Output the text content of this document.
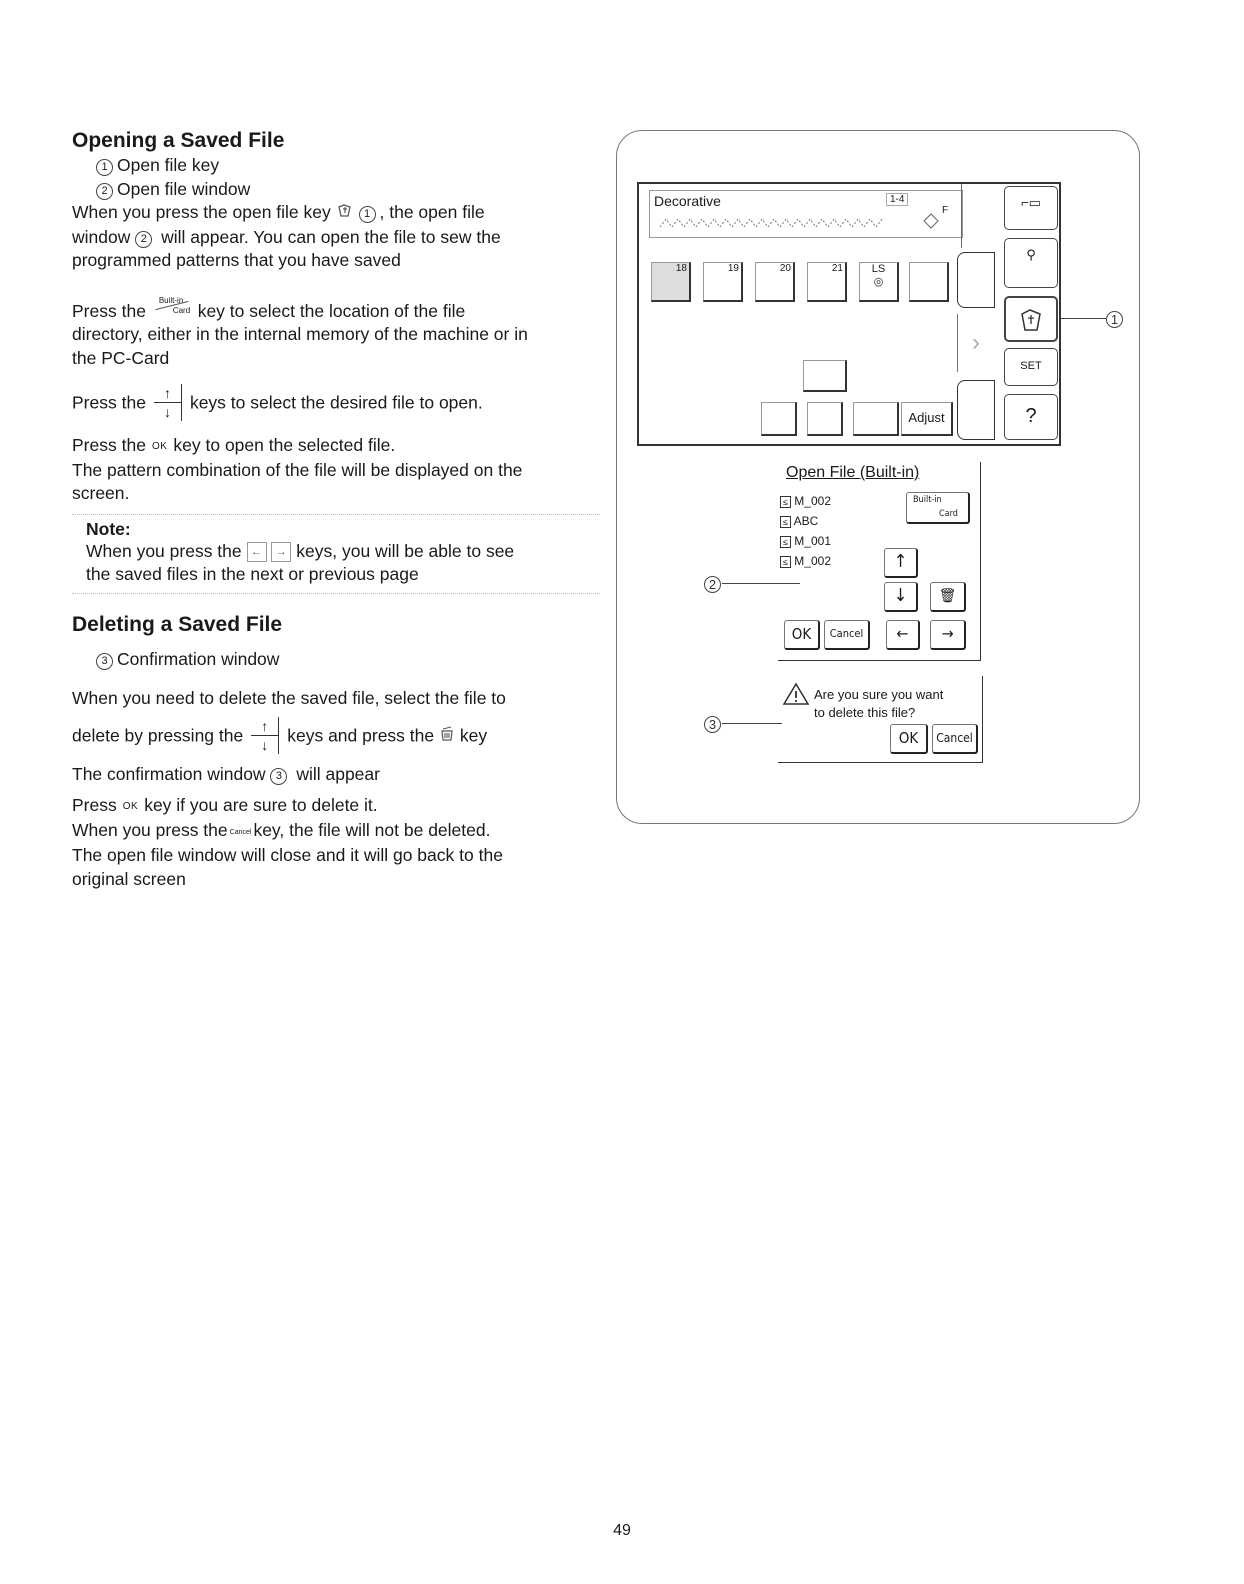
Opening a Saved File
1 Open file key
2 Open file window
When you press the open file key	1 , the open file
window 2 will appear. You can open the file to sew the
programmed patterns that you have saved
Press the
Built-in
Card key to select the location of the file
directory, either in the internal memory of the machine or in
the PC-Card
Press the	↑
↓	keys to select the desired file to open.
Press the OK key to open the selected file.
The pattern combination of the file will be displayed on the
screen.
Note:
When you press the ← → keys, you will be able to see
the saved files in the next or previous page
Deleting a Saved File
3 Confirmation window
When you need to delete the saved file, select the file to
delete by pressing the	↑
↓	keys and press the key
The confirmation window 3 will appear
Press OK key if you are sure to delete it.
When you press the Cancel key, the file will not be deleted.
The open file window will close and it will go back to the
original screen
Decorative	1-4
F
18	19	20	21	LS
◎
›
Adjust
⌐▭
⚲
SET
?
1
Open File (Built-in)
≤ M_002
≤ ABC
≤ M_001
≤ M_002
Built-in
Card
↑
↓	🗑
OK	Cancel	←	→
2
Are you sure you want
to delete this file?
OK	Cancel
3
49
